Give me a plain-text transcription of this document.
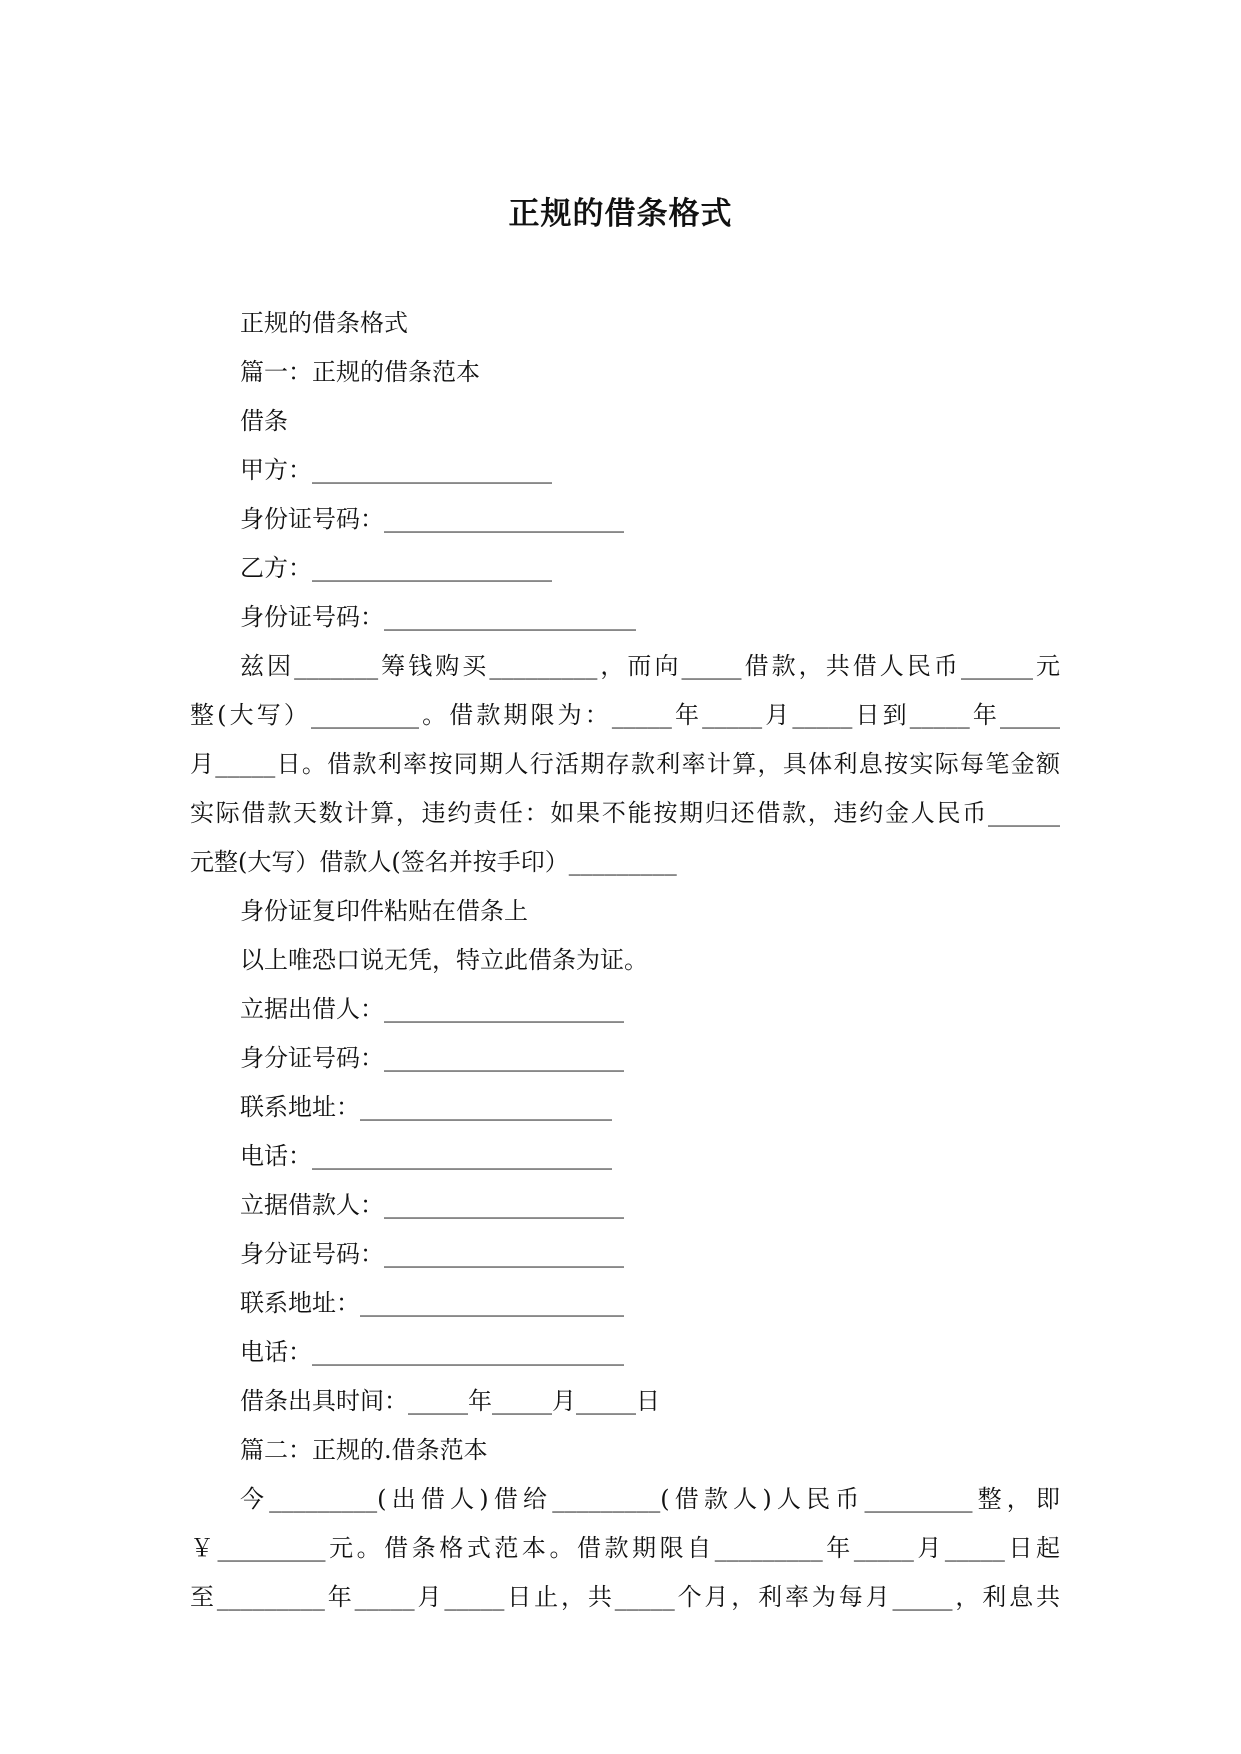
正规的借条格式

正规的借条格式

篇一：正规的借条范本

借条

甲方：____________________

身份证号码：____________________

乙方：____________________

身份证号码：_____________________

兹因_______筹钱购买_________，而向_____借款，共借人民币______元

整(大写）_________。借款期限为：_____年_____月_____日到_____年_____

月_____日。借款利率按同期人行活期存款利率计算，具体利息按实际每笔金额

实际借款天数计算，违约责任：如果不能按期归还借款，违约金人民币______

元整(大写）借款人(签名并按手印）_________

身份证复印件粘贴在借条上

以上唯恐口说无凭，特立此借条为证。

立据出借人：____________________

身分证号码：____________________

联系地址：_____________________

电话：_________________________

立据借款人：____________________

身分证号码：____________________

联系地址：______________________

电话：__________________________

借条出具时间：_____年_____月_____日

篇二：正规的.借条范本

今_________(出借人)借给_________(借款人)人民币_________整，即

￥_________元。借条格式范本。借款期限自_________年_____月_____日起

至_________年_____月_____日止，共_____个月，利率为每月_____，利息共
